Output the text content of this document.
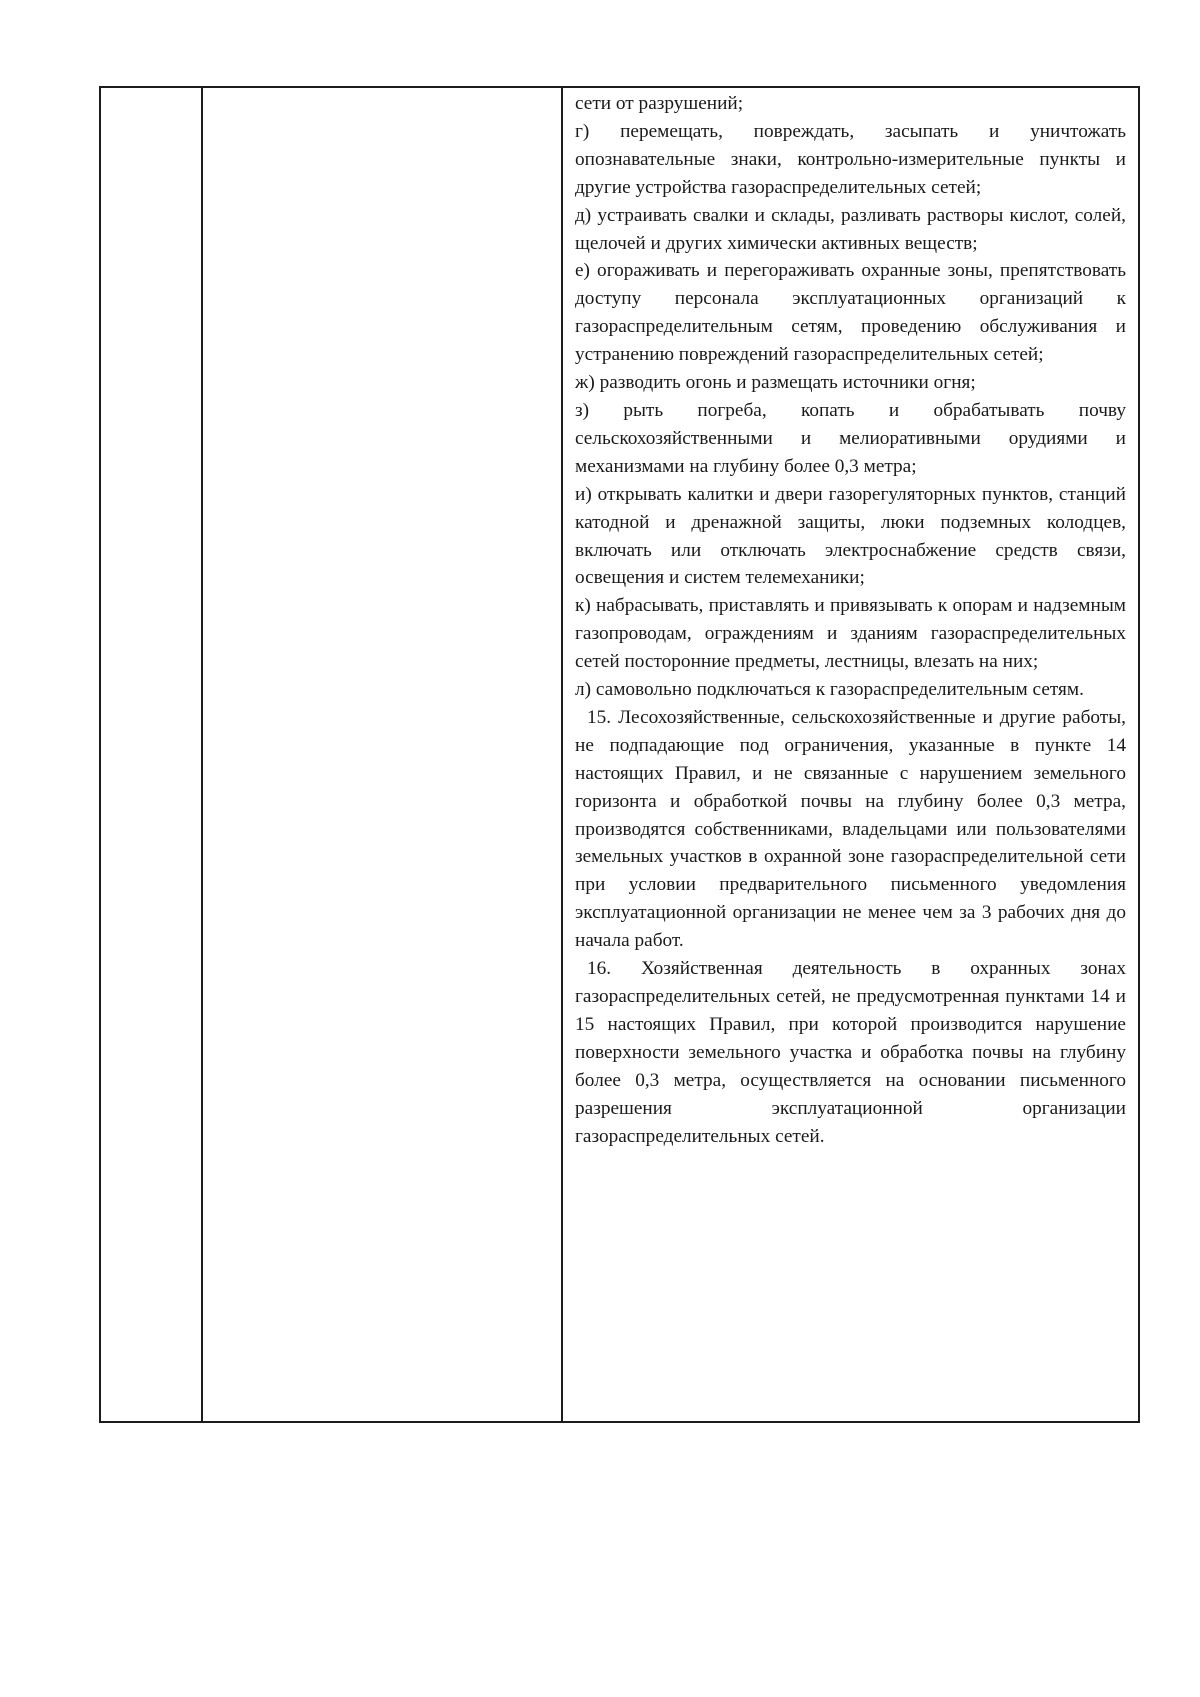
сети от разрушений;

г) перемещать, повреждать, засыпать и уничтожать опознавательные знаки, контрольно-измерительные пункты и другие устройства газораспределительных сетей;

д) устраивать свалки и склады, разливать растворы кислот, солей, щелочей и других химически активных веществ;

е) огораживать и перегораживать охранные зоны, препятствовать доступу персонала эксплуатационных организаций к газораспределительным сетям, проведению обслуживания и устранению повреждений газораспределительных сетей;

ж) разводить огонь и размещать источники огня;

з) рыть погреба, копать и обрабатывать почву сельскохозяйственными и мелиоративными орудиями и механизмами на глубину более 0,3 метра;

и) открывать калитки и двери газорегуляторных пунктов, станций катодной и дренажной защиты, люки подземных колодцев, включать или отключать электроснабжение средств связи, освещения и систем телемеханики;

к) набрасывать, приставлять и привязывать к опорам и надземным газопроводам, ограждениям и зданиям газораспределительных сетей посторонние предметы, лестницы, влезать на них;

л) самовольно подключаться к газораспределительным сетям.

15. Лесохозяйственные, сельскохозяйственные и другие работы, не подпадающие под ограничения, указанные в пункте 14 настоящих Правил, и не связанные с нарушением земельного горизонта и обработкой почвы на глубину более 0,3 метра, производятся собственниками, владельцами или пользователями земельных участков в охранной зоне газораспределительной сети при условии предварительного письменного уведомления эксплуатационной организации не менее чем за 3 рабочих дня до начала работ.

16. Хозяйственная деятельность в охранных зонах газораспределительных сетей, не предусмотренная пунктами 14 и 15 настоящих Правил, при которой производится нарушение поверхности земельного участка и обработка почвы на глубину более 0,3 метра, осуществляется на основании письменного разрешения эксплуатационной организации газораспределительных сетей.
